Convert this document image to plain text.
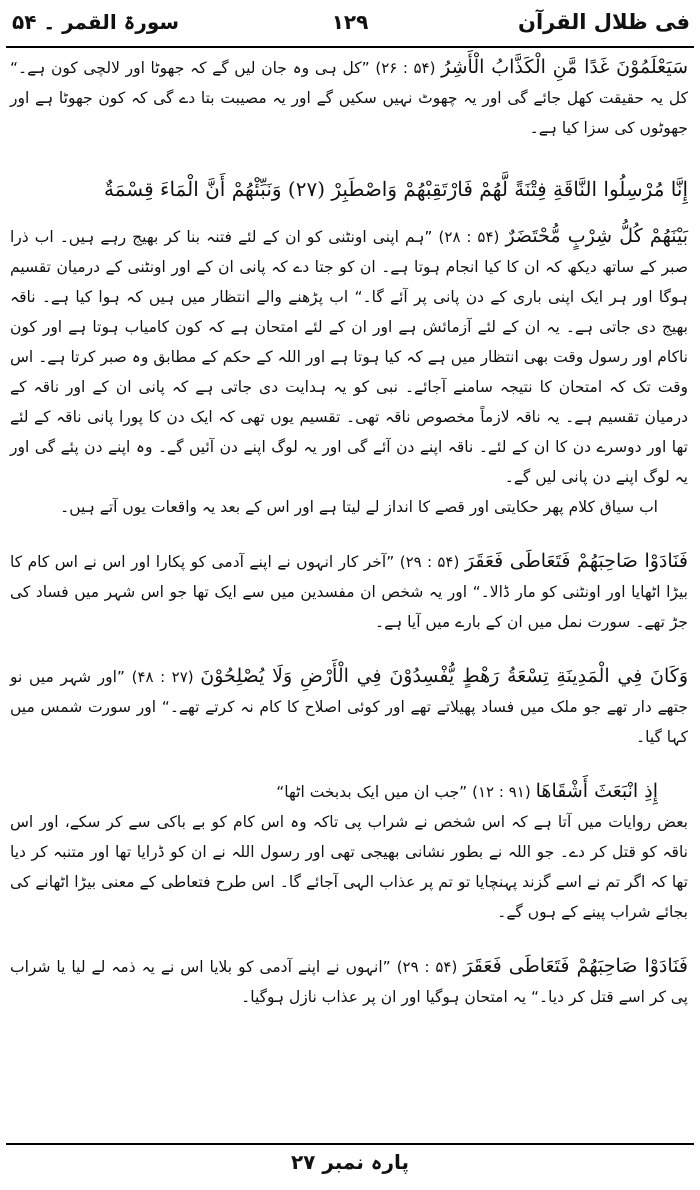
فی ظلال القرآن
۱۲۹
سورۃ القمر ۔ ۵۴

سَيَعْلَمُوْنَ غَدًا مَّنِ الْكَذَّابُ الْأَشِرُ (۵۴ : ۲۶) ”کل ہی وہ جان لیں گے کہ جھوٹا اور لالچی کون ہے۔“ کل یہ حقیقت کھل جائے گی اور یہ چھوٹ نہیں سکیں گے اور یہ مصیبت بتا دے گی کہ کون جھوٹا ہے اور جھوٹوں کی سزا کیا ہے۔

إِنَّا مُرْسِلُوا النَّاقَةِ فِتْنَةً لَّهُمْ فَارْتَقِبْهُمْ وَاصْطَبِرْ (۲۷) وَنَبِّئْهُمْ أَنَّ الْمَاءَ قِسْمَةٌ

بَيْنَهُمْ كُلُّ شِرْبٍ مُّحْتَضَرٌ (۵۴ : ۲۸) ”ہم اپنی اونٹنی کو ان کے لئے فتنہ بنا کر بھیج رہے ہیں۔ اب ذرا صبر کے ساتھ دیکھ کہ ان کا کیا انجام ہوتا ہے۔ ان کو جتا دے کہ پانی ان کے اور اونٹنی کے درمیان تقسیم ہوگا اور ہر ایک اپنی باری کے دن پانی پر آئے گا۔“ اب پڑھنے والے انتظار میں ہیں کہ ہوا کیا ہے۔ ناقہ بھیج دی جاتی ہے۔ یہ ان کے لئے آزمائش ہے اور ان کے لئے امتحان ہے کہ کون کامیاب ہوتا ہے اور کون ناکام اور رسول وقت بھی انتظار میں ہے کہ کیا ہوتا ہے اور اللہ کے حکم کے مطابق وہ صبر کرتا ہے۔ اس وقت تک کہ امتحان کا نتیجہ سامنے آجائے۔ نبی کو یہ ہدایت دی جاتی ہے کہ پانی ان کے اور ناقہ کے درمیان تقسیم ہے۔ یہ ناقہ لازماً مخصوص ناقہ تھی۔ تقسیم یوں تھی کہ ایک دن کا پورا پانی ناقہ کے لئے تھا اور دوسرے دن کا ان کے لئے۔ ناقہ اپنے دن آئے گی اور یہ لوگ اپنے دن آئیں گے۔ وہ اپنے دن پئے گی اور یہ لوگ اپنے دن پانی لیں گے۔

اب سیاق کلام پھر حکایتی اور قصے کا انداز لے لیتا ہے اور اس کے بعد یہ واقعات یوں آتے ہیں۔

فَنَادَوْا صَاحِبَهُمْ فَتَعَاطَى فَعَقَرَ (۵۴ : ۲۹) ”آخر کار انہوں نے اپنے آدمی کو پکارا اور اس نے اس کام کا بیڑا اٹھایا اور اونٹنی کو مار ڈالا۔“ اور یہ شخص ان مفسدین میں سے ایک تھا جو اس شہر میں فساد کی جڑ تھے۔ سورت نمل میں ان کے بارے میں آیا ہے۔

وَكَانَ فِي الْمَدِينَةِ تِسْعَةُ رَهْطٍ يُّفْسِدُوْنَ فِي الْأَرْضِ وَلَا يُصْلِحُوْنَ (۲۷ : ۴۸) ”اور شہر میں نو جتھے دار تھے جو ملک میں فساد پھیلاتے تھے اور کوئی اصلاح کا کام نہ کرتے تھے۔“ اور سورت شمس میں کہا گیا۔

إِذِ انْبَعَثَ أَشْقَاهَا (۹۱ : ۱۲) ”جب ان میں ایک بدبخت اٹھا“

بعض روایات میں آتا ہے کہ اس شخص نے شراب پی تاکہ وہ اس کام کو بے باکی سے کر سکے، اور اس ناقہ کو قتل کر دے۔ جو اللہ نے بطور نشانی بھیجی تھی اور رسول اللہ نے ان کو ڈرایا تھا اور متنبہ کر دیا تھا کہ اگر تم نے اسے گزند پہنچایا تو تم پر عذاب الہی آجائے گا۔ اس طرح فتعاطی کے معنی بیڑا اٹھانے کی بجائے شراب پینے کے ہوں گے۔

فَنَادَوْا صَاحِبَهُمْ فَتَعَاطَى فَعَقَرَ (۵۴ : ۲۹) ”انہوں نے اپنے آدمی کو بلایا اس نے یہ ذمہ لے لیا یا شراب پی کر اسے قتل کر دیا۔“ یہ امتحان ہوگیا اور ان پر عذاب نازل ہوگیا۔

پارہ نمبر ۲۷
